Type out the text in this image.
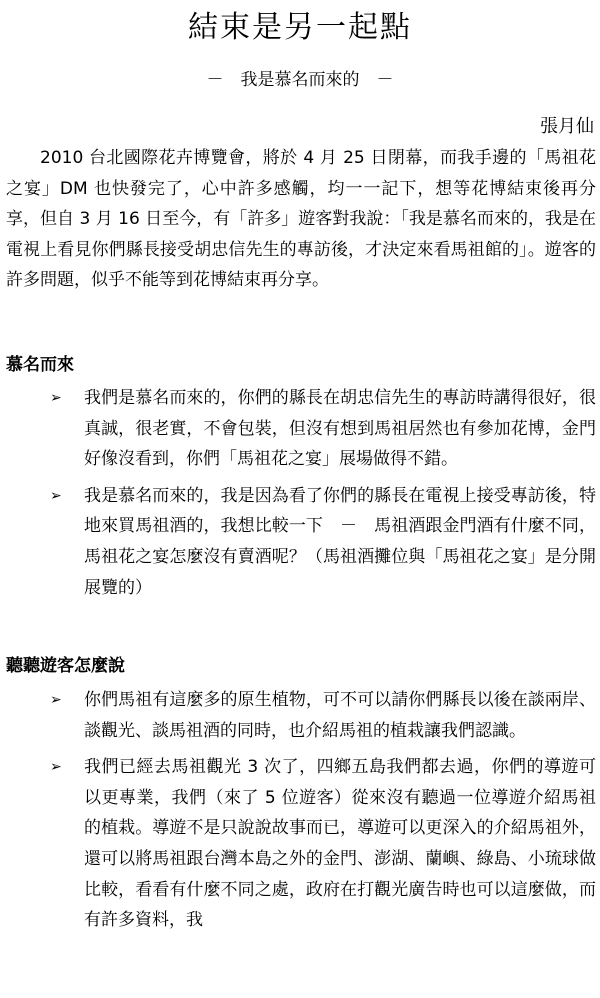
結束是另一起點
－　我是慕名而來的　－
張月仙

2010 台北國際花卉博覽會，將於 4 月 25 日閉幕，而我手邊的「馬祖花之宴」DM 也快發完了，心中許多感觸，均一一記下，想等花博結束後再分享，但自 3 月 16 日至今，有「許多」遊客對我說：「我是慕名而來的，我是在電視上看見你們縣長接受胡忠信先生的專訪後，才決定來看馬祖館的」。遊客的許多問題，似乎不能等到花博結束再分享。

慕名而來
➢ 我們是慕名而來的，你們的縣長在胡忠信先生的專訪時講得很好，很真誠，很老實，不會包裝，但沒有想到馬祖居然也有參加花博，金門好像沒看到，你們「馬祖花之宴」展場做得不錯。
➢ 我是慕名而來的，我是因為看了你們的縣長在電視上接受專訪後，特地來買馬祖酒的，我想比較一下　－　馬祖酒跟金門酒有什麼不同，馬祖花之宴怎麼沒有賣酒呢？（馬祖酒攤位與「馬祖花之宴」是分開展覽的）
聽聽遊客怎麼說
➢ 你們馬祖有這麼多的原生植物，可不可以請你們縣長以後在談兩岸、談觀光、談馬祖酒的同時，也介紹馬祖的植栽讓我們認識。
➢ 我們已經去馬祖觀光 3 次了，四鄉五島我們都去過，你們的導遊可以更專業，我們（來了 5 位遊客）從來沒有聽過一位導遊介紹馬祖的植栽。導遊不是只說說故事而已，導遊可以更深入的介紹馬祖外，還可以將馬祖跟台灣本島之外的金門、澎湖、蘭嶼、綠島、小琉球做比較，看看有什麼不同之處，政府在打觀光廣告時也可以這麼做，而有許多資料，我
